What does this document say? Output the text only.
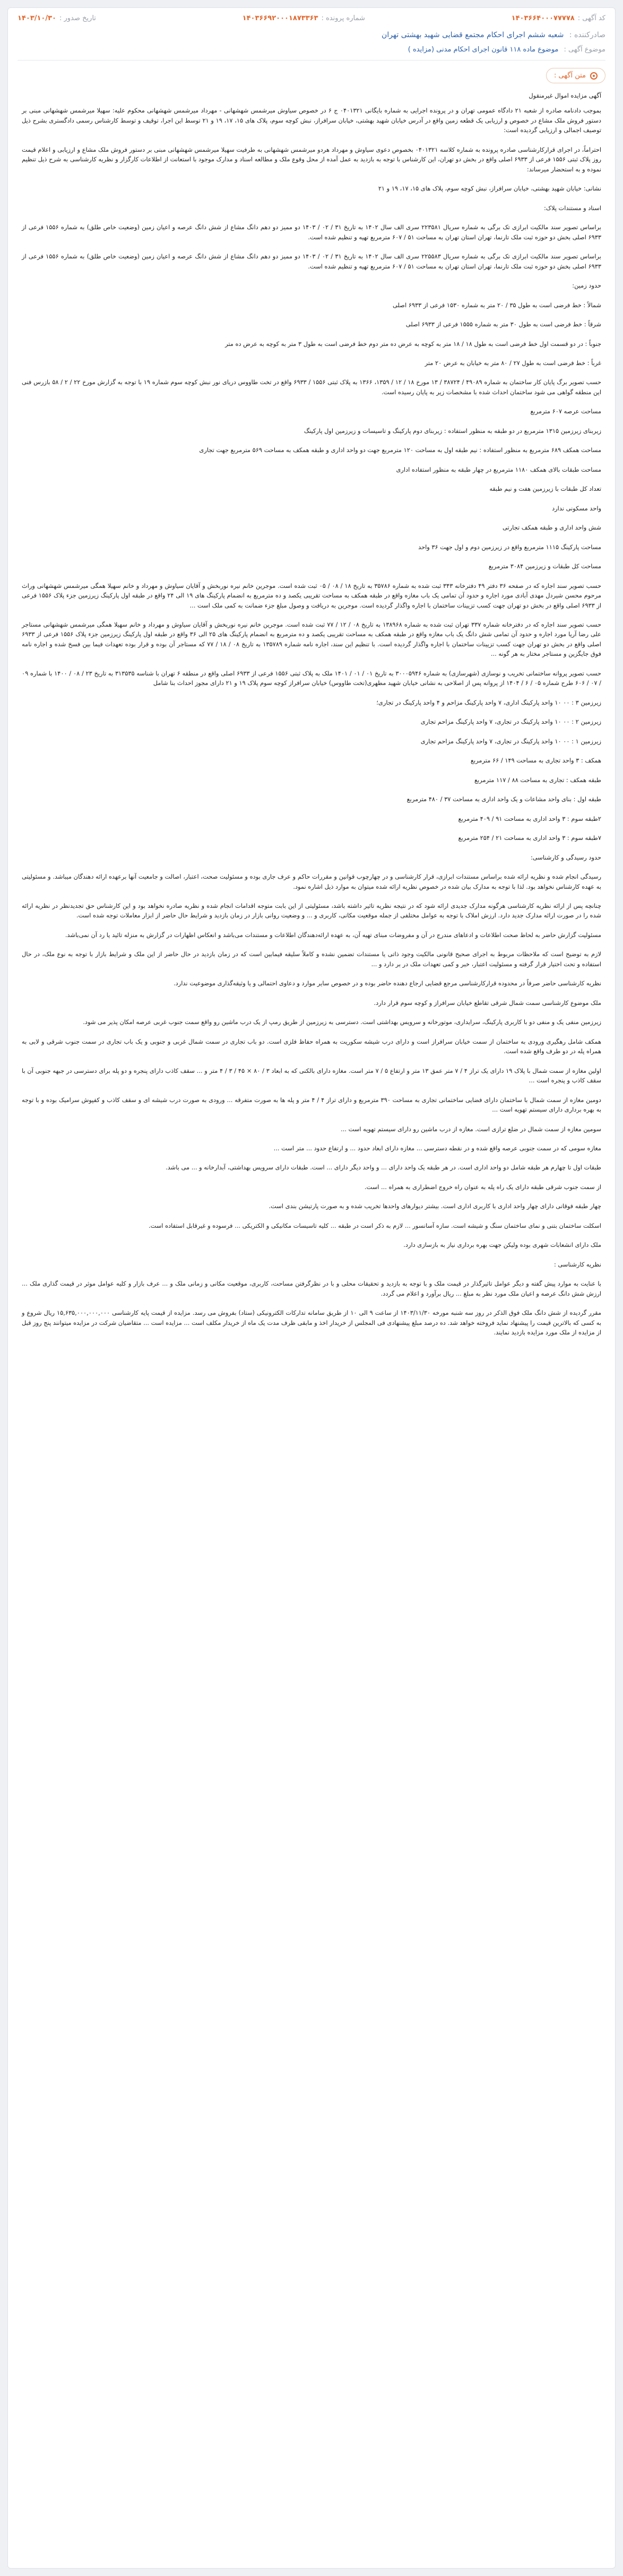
کد آگهی :
۱۴۰۳۶۶۴۰۰۰۷۷۷۷۸
شماره پرونده :
۱۴۰۳۶۶۹۲۰۰۰۱۸۷۳۳۶۳
تاریخ صدور :
۱۴۰۳/۱۰/۳۰
صادرکننده : شعبه ششم اجرای احکام مجتمع قضایی شهید بهشتی تهران
موضوع آگهی : موضوع ماده ۱۱۸ قانون اجرای احکام مدنی (مزایده )
متن آگهی :

آگهی مزایده اموال غیرمنقول

بموجب دادنامه صادره از شعبه ۲۱ دادگاه عمومی تهران و در پرونده اجرایی به شماره بایگانی ۰۴۰۱۳۲۱ ج ۶ در خصوص سیاوش میرشمس شهشهانی - مهرداد میرشمس شهشهانی محکوم علیه: سهیلا میرشمس شهشهانی مبنی بر دستور فروش ملک مشاع در خصوص و ارزیابی یک قطعه زمین واقع در آدرس خیابان شهید بهشتی، خیابان سرافراز، نبش کوچه سوم، پلاک های ۱۵، ۱۷، ۱۹ و ۲۱ توسط این اجرا، توقیف و توسط کارشناس رسمی دادگستری بشرح ذیل توصیف اجمالی و ارزیابی گردیده است:

احتراماً، در اجرای قرارکارشناسی صادره پرونده به شماره کلاسه ۰۴۰۱۳۲۱ بخصوص دعوی سیاوش و مهرداد هردو میرشمس شهشهانی به طرفیت سهیلا میرشمس شهشهانی مبنی بر دستور فروش ملک مشاع و ارزیابی و اعلام قیمت روز پلاک ثبتی ۱۵۵۶ فرعی از ۶۹۳۳ اصلی واقع در بخش دو تهران، این کارشناس با توجه به بازدید به عمل آمده از محل وقوع ملک و مطالعه اسناد و مدارک موجود با استعانت از اطلاعات کارگزار و نظریه کارشناسی به شرح ذیل تنظیم نموده و به استحضار میرساند:

نشانی: خیابان شهید بهشتی، خیابان سرافراز، نبش کوچه سوم، پلاک های ۱۵، ۱۷، ۱۹ و ۲۱

اسناد و مستندات پلاک:

براساس تصویر سند مالکیت ابرازی تک برگی به شماره سریال ۲۲۳۵۸۱ سری الف سال ۱۴۰۲ به تاریخ ۳۱ / ۰۲ / ۱۴۰۳ دو ممیز دو دهم دانگ مشاع از شش دانگ عرصه و اعیان زمین (وضعیت خاص طلق) به شماره ۱۵۵۶ فرعی از ۶۹۳۳ اصلی بخش دو حوزه ثبت ملک تارنما، تهران استان تهران به مساحت ۵۱ / ۶۰۷ مترمربع تهیه و تنظیم شده است.

براساس تصویر سند مالکیت ابرازی تک برگی به شماره سریال ۲۲۵۵۸۳ سری الف سال ۱۴۰۲ به تاریخ ۳۱ / ۰۲ / ۱۴۰۳ دو ممیز دو دهم دانگ مشاع از شش دانگ عرصه و اعیان زمین (وضعیت خاص طلق) به شماره ۱۵۵۶ فرعی از ۶۹۳۳ اصلی بخش دو حوزه ثبت ملک تارنما، تهران استان تهران به مساحت ۵۱ / ۶۰۷ مترمربع تهیه و تنظیم شده است.

حدود زمین:

شمالاً : خط فرضی است به طول ۳۵ / ۲۰ متر به شماره ۱۵۳۰ فرعی از ۶۹۳۳ اصلی

شرقاً : خط فرضی است به طول ۳۰ متر به شماره ۱۵۵۵ فرعی از ۶۹۳۳ اصلی

جنوباً : در دو قسمت اول خط فرضی است به طول ۱۸ / ۱۸ متر به کوچه به عرض ده متر دوم خط فرضی است به طول ۳ متر به کوچه به عرض ده متر

غرباً : خط فرضی است به طول ۲۷ / ۸۰ متر به خیابان به عرض ۲۰ متر

حسب تصویر برگ پایان کار ساختمان به شماره ۴۹۰۸۹ / ۳۸۷۲۴ / ۱۳ مورخ ۱۸ / ۱۲ / ۱۳۵۹، ۱۳۶۶ به پلاک ثبتی ۱۵۵۶ / ۶۹۳۳ واقع در تخت طاووس دریای نور نبش کوچه سوم شماره ۱۹ با توجه به گزارش مورخ ۲۲ / ۲ / ۵۸ بازرس فنی این منطقه گواهی می شود ساختمان احداث شده با مشخصات زیر به پایان رسیده است.

مساحت عرصه ۶۰۷ مترمربع

زیربنای زیرزمین ۱۳۱۵ مترمربع در دو طبقه به منظور استفاده : زیربنای دوم پارکینگ و تاسیسات و زیرزمین اول پارکینگ

مساحت همکف ۶۸۹ مترمربع به منظور استفاده : نیم طبقه اول به مساحت ۱۲۰ مترمربع جهت دو واحد اداری و طبقه همکف به مساحت ۵۶۹ مترمربع جهت تجاری

مساحت طبقات بالای همکف ۱۱۸۰ مترمربع در چهار طبقه به منظور استفاده اداری

تعداد کل طبقات با زیرزمین هفت و نیم طبقه

واحد مسکونی ندارد

شش واحد اداری و طبقه همکف تجارتی

مساحت پارکینگ ۱۱۱۵ مترمربع واقع در زیرزمین دوم و اول جهت ۳۶ واحد

مساحت کل طبقات و زیرزمین ۳۰۸۴ مترمربع

حسب تصویر سند اجاره که در صفحه ۳۶ دفتر ۴۹ دفترخانه ۳۴۳ ثبت شده به شماره ۳۵۷۸۶ به تاریخ ۱۸ / ۰۸ / ۰۵ ثبت شده است. موجرین خانم نیره نوربخش و آقایان سیاوش و مهرداد و خانم سهیلا همگی میرشمس شهشهانی وراث مرحوم محسن شیردل مهدی آبادی مورد اجاره و حدود آن تمامی یک باب مغازه واقع در طبقه همکف به مساحت تقریبی یکصد و ده مترمربع به انضمام پارکینگ های ۱۹ الی ۲۴ واقع در طبقه اول پارکینگ زیرزمین جزء پلاک ۱۵۵۶ فرعی از ۶۹۳۳ اصلی واقع در بخش دو تهران جهت کسب تزیینات ساختمان با اجاره واگذار گردیده است. موجرین به دریافت و وصول مبلغ جزء ضمانت به کمی ملک است ...

حسب تصویر سند اجاره که در دفترخانه شماره ۳۳۷ تهران ثبت شده به شماره ۱۳۸۹۶۸ به تاریخ ۰۸ / ۱۲ / ۷۷ ثبت شده است. موجرین خانم نیره نوربخش و آقایان سیاوش و مهرداد و خانم سهیلا همگی میرشمس شهشهانی مستاجر علی رضا آریا مورد اجاره و حدود آن تمامی شش دانگ یک باب مغازه واقع در طبقه همکف به مساحت تقریبی یکصد و ده مترمربع به انضمام پارکینگ های ۲۵ الی ۳۶ واقع در طبقه اول پارکینگ زیرزمین جزء پلاک ۱۵۵۶ فرعی از ۶۹۳۳ اصلی واقع در بخش دو تهران جهت کسب تزیینات ساختمان با اجاره واگذار گردیده است. با تنظیم این سند، اجاره نامه شماره ۱۳۵۷۸۹ به تاریخ ۰۸ / ۱۸ / ۷۷ که مستاجر آن بوده و قرار بوده تعهدات فیما بین فسخ شده و اجاره نامه فوق جایگزین و مستاجر مختار به هر گونه ...

حسب تصویر پروانه ساختمانی تخریب و نوسازی (شهرسازی) به شماره ۳۰۰۰۵۹۴۶ به تاریخ ۰۱ / ۰۱ / ۱۴۰۱ ملک به پلاک ثبتی ۱۵۵۶ فرعی از ۶۹۳۳ اصلی واقع در منطقه ۶ تهران با شناسه ۳۱۳۵۳۵ به تاریخ ۲۳ / ۰۸ / ۱۴۰۰ با شماره ۰۹ / ۰۷ / ۶۰۶ طرح شماره ۰۵ / ۶ / ۱۴۰۴ از پروانه پس از اصلاحی به نشانی خیابان شهید مطهری(تخت طاووس) خیابان سرافراز کوچه سوم پلاک ۱۹ و ۲۱ دارای مجوز احداث بنا شامل

زیرزمین ۳ : ۰۰ ۱۰ واحد پارکینگ اداری، ۷ واحد پارکینگ مزاحم و ۴ واحد پارکینگ در تجاری؛

زیرزمین ۲ : ۰۰ ۱۰ واحد پارکینگ در تجاری، ۷ واحد پارکینگ مزاحم تجاری

زیرزمین ۱ : ۰۰ ۱۰ واحد پارکینگ در تجاری، ۷ واحد پارکینگ مزاحم تجاری

همکف : ۳ واحد تجاری به مساحت ۱۴۹ / ۶۶ مترمربع

طبقه همکف : تجاری به مساحت ۸۸ / ۱۱۷ مترمربع

طبقه اول : بنای واحد مشاعات و یک واحد اداری به مساحت ۳۷ / ۴۸۰ مترمربع

۲طبقه سوم : ۳ واحد اداری به مساحت ۹۱ / ۴۰۹ مترمربع

۷طبقه سوم : ۳ واحد اداری به مساحت ۲۱ / ۲۵۴ مترمربع

حدود رسیدگی و کارشناسی:

رسیدگی انجام شده و نظریه ارائه شده براساس مستندات ابرازی، قرار کارشناسی و در چهارچوب قوانین و مقررات حاکم و عرف جاری بوده و مسئولیت صحت، اعتبار، اصالت و جامعیت آنها برعهده ارائه دهندگان میباشد. و مسئولیتی به عهده کارشناس نخواهد بود. لذا با توجه به مدارک بیان شده در خصوص نظریه ارائه شده میتوان به موارد ذیل اشاره نمود.

چنانچه پس از ارائه نظریه کارشناسی هرگونه مدارک جدیدی ارائه شود که در نتیجه نظریه تاثیر داشته باشد، مسئولیتی از این بابت متوجه اقدامات انجام شده و نظریه صادره نخواهد بود و این کارشناس حق تجدیدنظر در نظریه ارائه شده را در صورت ارائه مدارک جدید دارد. ارزش املاک با توجه به عوامل مختلفی از جمله موقعیت مکانی، کاربری و ... و وضعیت روانی بازار در زمان بازدید و شرایط حال حاضر از ابزار معاملات توجه شده است.

مسئولیت گزارش حاضر به لحاظ صحت اطلاعات و ادعاهای مندرج در آن و مفروضات مبنای تهیه آن، به عهده ارائه‌دهندگان اطلاعات و مستندات می‌باشد و انعکاس اظهارات در گزارش به منزله تائید یا رد آن نمی‌باشد.

لازم به توضیح است که ملاحظات مربوط به اجرای صحیح قانونی مالکیت وجود ذاتی یا مستندات تضمین نشده و کاملاً سلیقه فیمابین است که در زمان بازدید در حال حاضر از این ملک و شرایط بازار با توجه به نوع ملک، در حال استفاده و تحت اختیار قرار گرفته و مسئولیت اعتبار، خبر و کمی تعهدات ملک در بر دارد و ...

نظریه کارشناسی حاضر صرفاً در محدوده قرارکارشناسی مرجع قضایی ارجاع دهنده حاضر بوده و در خصوص سایر موارد و دعاوی احتمالی و یا وثیقه‌گذاری موضوعیت ندارد.

ملک موضوع کارشناسی سمت شمال شرقی تقاطع خیابان سرافراز و کوچه سوم قرار دارد.

زیرزمین منفی یک و منفی دو با کاربری پارکینگ، سرایداری، موتورخانه و سرویس بهداشتی است. دسترسی به زیرزمین از طریق رمپ از یک درب ماشین رو واقع سمت جنوب غربی عرصه امکان پذیر می شود.

همکف شامل رهگیری ورودی به ساختمان از سمت خیابان سرافراز است و دارای درب شیشه سکوریت به همراه حفاظ فلزی است. دو باب تجاری در سمت شمال غربی و جنوبی و یک باب تجاری در سمت جنوب شرقی و لابی به همراه پله در دو طرف واقع شده است.

اولین مغازه از سمت شمال با پلاک ۱۹ دارای یک تراز ۴ / ۷ متر عمق ۱۳ متر و ارتفاع ۵ / ۷ متر است. مغازه دارای بالکنی که به ابعاد ۳ / ۸۰ × ۴۵ / ۳ / ۴ متر و ... سقف کاذب دارای پنجره و دو پله برای دسترسی در جبهه جنوبی آن با سقف کاذب و پنجره است ...

دومین مغازه از سمت شمال با ساختمان دارای فضایی ساختمانی تجاری به مساحت ۳۹۰ مترمربع و دارای تراز ۴ / ۴ متر و پله ها به صورت متفرقه ... ورودی به صورت درب شیشه ای و سقف کاذب و کفپوش سرامیک بوده و با توجه به بهره برداری دارای سیستم تهویه است ...

سومین مغازه از سمت شمال در ضلع ترازی است. مغازه از درب ماشین رو دارای سیستم تهویه است ...

مغازه سومی که در سمت جنوبی عرصه واقع شده و در نقطه دسترسی ... مغازه دارای ابعاد حدود ... و ارتفاع حدود ... متر است ...

طبقات اول تا چهارم هر طبقه شامل دو واحد اداری است. در هر طبقه یک واحد دارای ... و واحد دیگر دارای ... است. طبقات دارای سرویس بهداشتی، آبدارخانه و ... می باشد.

از سمت جنوب شرقی طبقه دارای یک راه پله به عنوان راه خروج اضطراری به همراه ... است.

چهار طبقه فوقانی دارای چهار واحد اداری با کاربری اداری است. بیشتر دیوارهای واحدها تخریب شده و به صورت پارتیشن بندی است.

اسکلت ساختمان بتنی و نمای ساختمان سنگ و شیشه است. سازه آسانسور ... لازم به ذکر است در طبقه ... کلیه تاسیسات مکانیکی و الکتریکی ... فرسوده و غیرقابل استفاده است.

ملک دارای انشعابات شهری بوده ولیکن جهت بهره برداری نیاز به بازسازی دارد.

نظریه کارشناسی :

با عنایت به موارد پیش گفته و دیگر عوامل تاثیرگذار در قیمت ملک و با توجه به بازدید و تحقیقات محلی و با در نظرگرفتن مساحت، کاربری، موقعیت مکانی و زمانی ملک و ... عرف بازار و کلیه عوامل موثر در قیمت گذاری ملک ... ارزش شش دانگ عرصه و اعیان ملک مورد نظر به مبلغ ... ریال برآورد و اعلام می گردد.

مقرر گردیده از شش دانگ ملک فوق الذکر در روز سه شنبه مورخه ۱۴۰۳/۱۱/۳۰ از ساعت ۹ الی ۱۰ از طریق سامانه تدارکات الکترونیکی (ستاد) بفروش می رسد. مزایده از قیمت پایه کارشناسی ۱۵,۶۳۵,۰۰۰,۰۰۰,۰۰۰ ریال شروع و به کسی که بالاترین قیمت را پیشنهاد نماید فروخته خواهد شد. ده درصد مبلغ پیشنهادی فی المجلس از خریدار اخذ و مابقی ظرف مدت یک ماه از خریدار مکلف است ... مزایده است ... متقاضیان شرکت در مزایده میتوانند پنج روز قبل از مزایده از ملک مورد مزایده بازدید نمایند.
